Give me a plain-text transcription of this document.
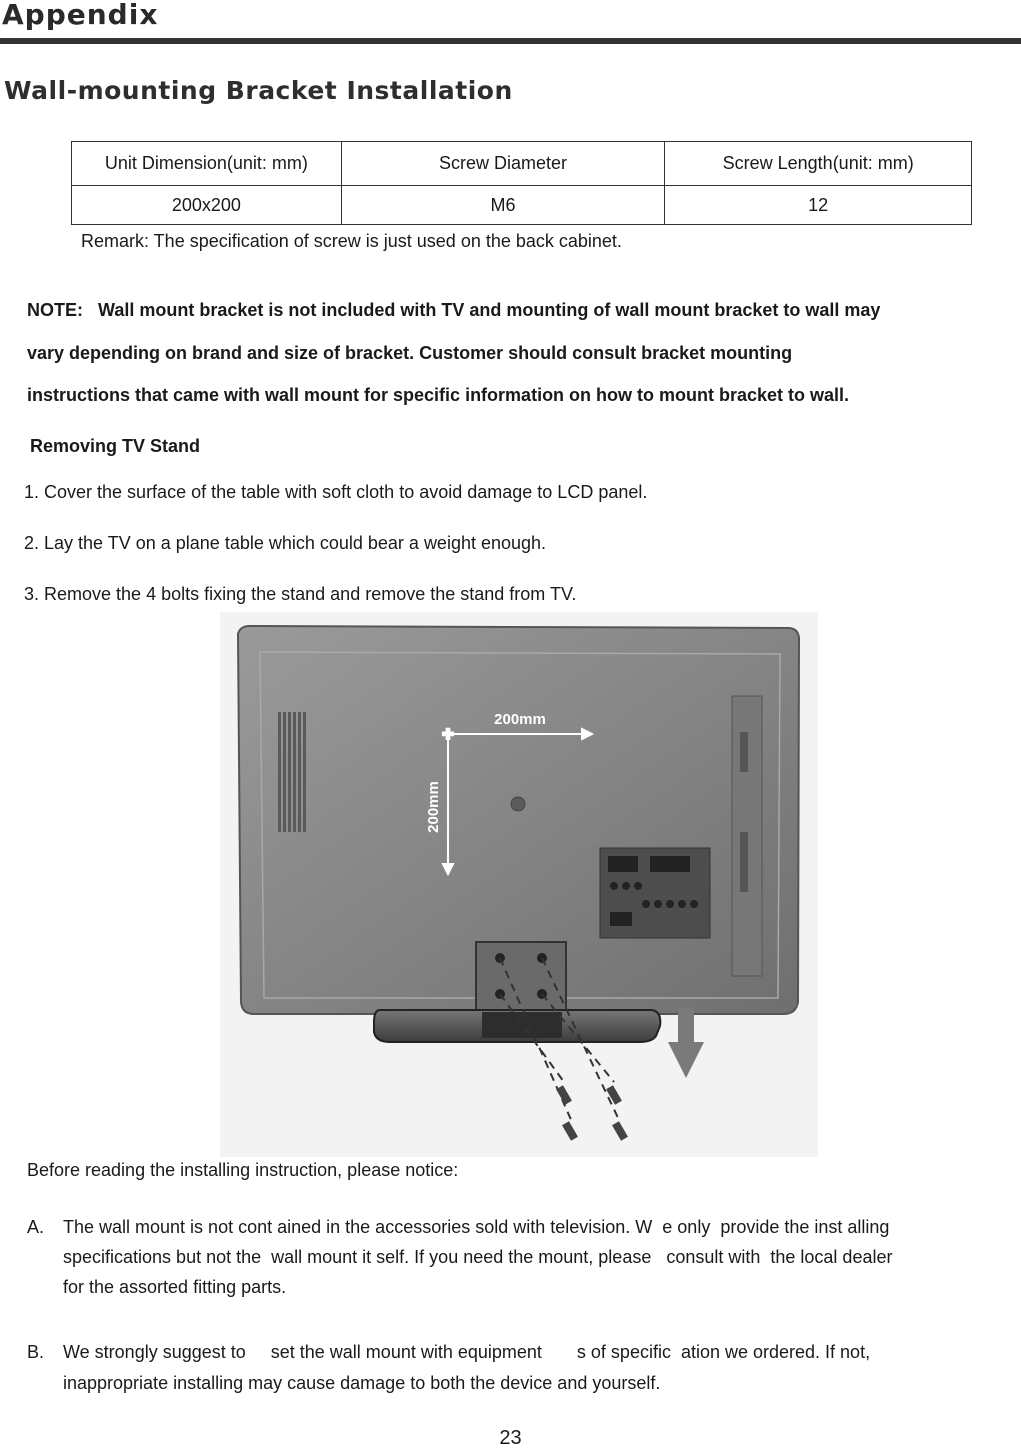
Appendix
Wall-mounting Bracket Installation
Unit Dimension(unit: mm)	Screw Diameter	Screw Length(unit: mm)
200x200	M6	12
Remark: The specification of screw is just used on the back cabinet.
NOTE:   Wall mount bracket is not included with TV and mounting of wall mount bracket to wall may
vary depending on brand and size of bracket. Customer should consult bracket mounting
instructions that came with wall mount for specific information on how to mount bracket to wall.
Removing TV Stand
1. Cover the surface of the table with soft cloth to avoid damage to LCD panel.
2. Lay the TV on a plane table which could bear a weight enough.
3. Remove the 4 bolts fixing the stand and remove the stand from TV.
✚
200mm
200mm
Before reading the installing instruction, please notice:
A.	The wall mount is not cont ained in the accessories sold with television. W  e only  provide the inst alling
specifications but not the  wall mount it self. If you need the mount, please   consult with  the local dealer
for the assorted fitting parts.
B.	We strongly suggest to     set the wall mount with equipment       s of specific  ation we ordered. If not,
inappropriate installing may cause damage to both the device and yourself.
23
